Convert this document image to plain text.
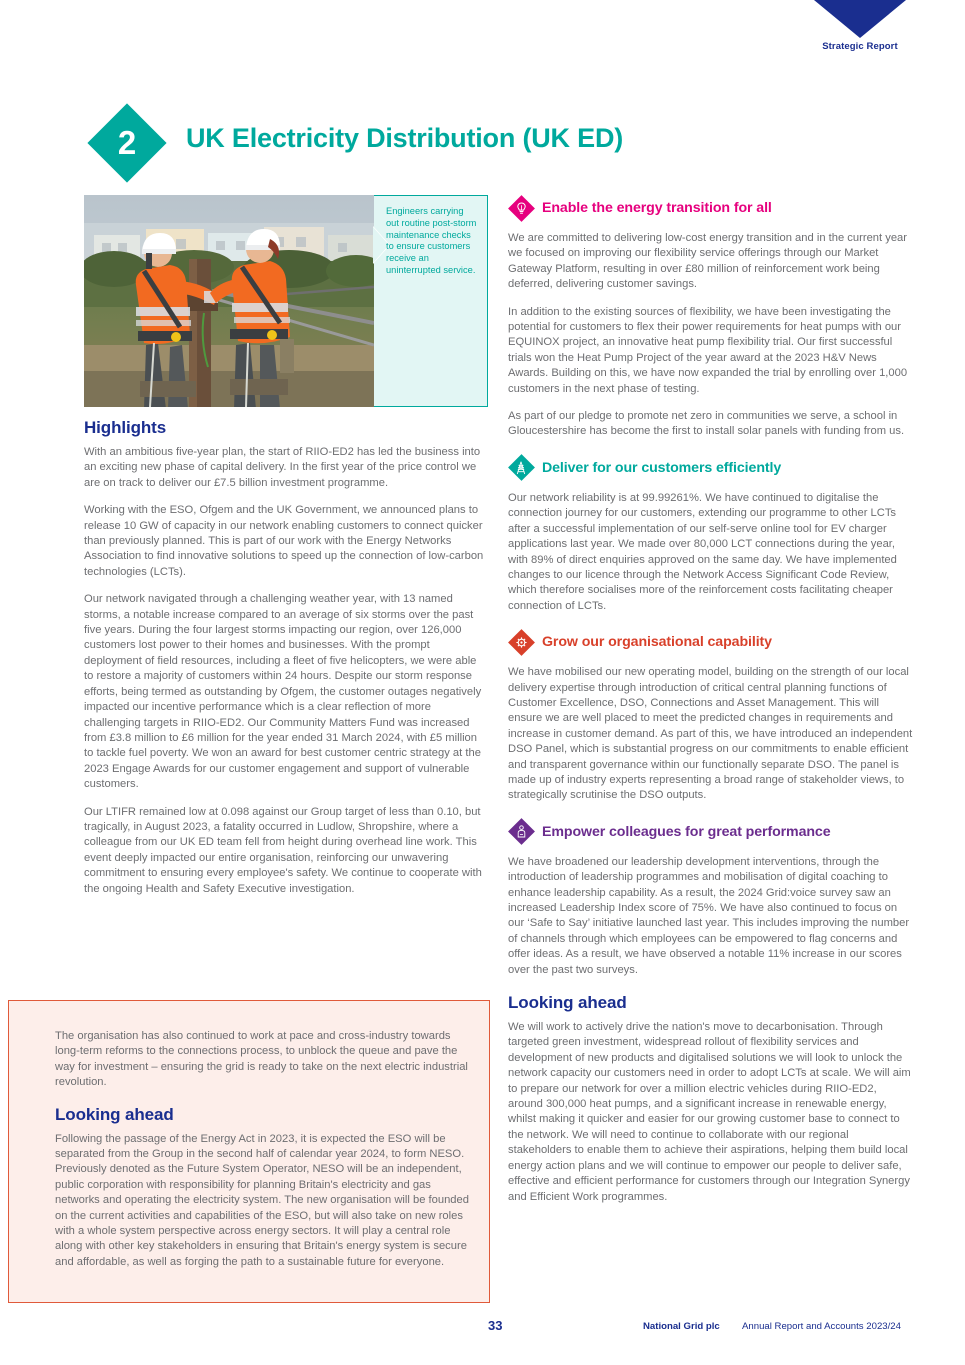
Strategic Report
2 UK Electricity Distribution (UK ED)
Engineers carrying out routine post-storm maintenance checks to ensure customers receive an uninterrupted service.
Highlights

With an ambitious five-year plan, the start of RIIO-ED2 has led the business into an exciting new phase of capital delivery. In the first year of the price control we are on track to deliver our £7.5 billion investment programme.

Working with the ESO, Ofgem and the UK Government, we announced plans to release 10 GW of capacity in our network enabling customers to connect quicker than previously planned. This is part of our work with the Energy Networks Association to find innovative solutions to speed up the connection of low-carbon technologies (LCTs).

Our network navigated through a challenging weather year, with 13 named storms, a notable increase compared to an average of six storms over the past five years. During the four largest storms impacting our region, over 126,000 customers lost power to their homes and businesses. With the prompt deployment of field resources, including a fleet of five helicopters, we were able to restore a majority of customers within 24 hours. Despite our storm response efforts, being termed as outstanding by Ofgem, the customer outages negatively impacted our incentive performance which is a clear reflection of more challenging targets in RIIO-ED2. Our Community Matters Fund was increased from £3.8 million to £6 million for the year ended 31 March 2024, with £5 million to tackle fuel poverty. We won an award for best customer centric strategy at the 2023 Engage Awards for our customer engagement and support of vulnerable customers.

Our LTIFR remained low at 0.098 against our Group target of less than 0.10, but tragically, in August 2023, a fatality occurred in Ludlow, Shropshire, where a colleague from our UK ED team fell from height during overhead line work. This event deeply impacted our entire organisation, reinforcing our unwavering commitment to ensuring every employee's safety. We continue to cooperate with the ongoing Health and Safety Executive investigation.

The organisation has also continued to work at pace and cross-industry towards long-term reforms to the connections process, to unblock the queue and pave the way for investment – ensuring the grid is ready to take on the next electric industrial revolution.

Looking ahead

Following the passage of the Energy Act in 2023, it is expected the ESO will be separated from the Group in the second half of calendar year 2024, to form NESO. Previously denoted as the Future System Operator, NESO will be an independent, public corporation with responsibility for planning Britain's electricity and gas networks and operating the electricity system. The new organisation will be founded on the current activities and capabilities of the ESO, but will also take on new roles with a whole system perspective across energy sectors. It will play a central role along with other key stakeholders in ensuring that Britain's energy system is secure and affordable, as well as forging the path to a sustainable future for everyone.

Enable the energy transition for all

We are committed to delivering low-cost energy transition and in the current year we focused on improving our flexibility service offerings through our Market Gateway Platform, resulting in over £80 million of reinforcement work being deferred, delivering customer savings.

In addition to the existing sources of flexibility, we have been investigating the potential for customers to flex their power requirements for heat pumps with our EQUINOX project, an innovative heat pump flexibility trial. Our first successful trials won the Heat Pump Project of the year award at the 2023 H&V News Awards. Building on this, we have now expanded the trial by enrolling over 1,000 customers in the next phase of testing.

As part of our pledge to promote net zero in communities we serve, a school in Gloucestershire has become the first to install solar panels with funding from us.

Deliver for our customers efficiently

Our network reliability is at 99.99261%. We have continued to digitalise the connection journey for our customers, extending our programme to other LCTs after a successful implementation of our self-serve online tool for EV charger applications last year. We made over 80,000 LCT connections during the year, with 89% of direct enquiries approved on the same day. We have implemented changes to our licence through the Network Access Significant Code Review, which therefore socialises more of the reinforcement costs facilitating cheaper connection of LCTs.

Grow our organisational capability

We have mobilised our new operating model, building on the strength of our local delivery expertise through introduction of critical central planning functions of Customer Excellence, DSO, Connections and Asset Management. This will ensure we are well placed to meet the predicted changes in requirements and increase in customer demand. As part of this, we have introduced an independent DSO Panel, which is substantial progress on our commitments to enable efficient and transparent governance within our functionally separate DSO. The panel is made up of industry experts representing a broad range of stakeholder views, to strategically scrutinise the DSO outputs.

Empower colleagues for great performance

We have broadened our leadership development interventions, through the introduction of leadership programmes and mobilisation of digital coaching to enhance leadership capability. As a result, the 2024 Grid:voice survey saw an increased Leadership Index score of 75%. We have also continued to focus on our ‘Safe to Say’ initiative launched last year. This includes improving the number of channels through which employees can be empowered to flag concerns and offer ideas. As a result, we have observed a notable 11% increase in our scores over the past two surveys.

Looking ahead

We will work to actively drive the nation's move to decarbonisation. Through targeted green investment, widespread rollout of flexibility services and development of new products and digitalised solutions we will look to unlock the network capacity our customers need in order to adopt LCTs at scale. We will aim to prepare our network for over a million electric vehicles during RIIO-ED2, around 300,000 heat pumps, and a significant increase in renewable energy, whilst making it quicker and easier for our growing customer base to connect to the network. We will need to continue to collaborate with our regional stakeholders to enable them to achieve their aspirations, helping them build local energy action plans and we will continue to empower our people to deliver safe, effective and efficient performance for customers through our Integration Synergy and Efficient Work programmes.

33	National Grid plc Annual Report and Accounts 2023/24
